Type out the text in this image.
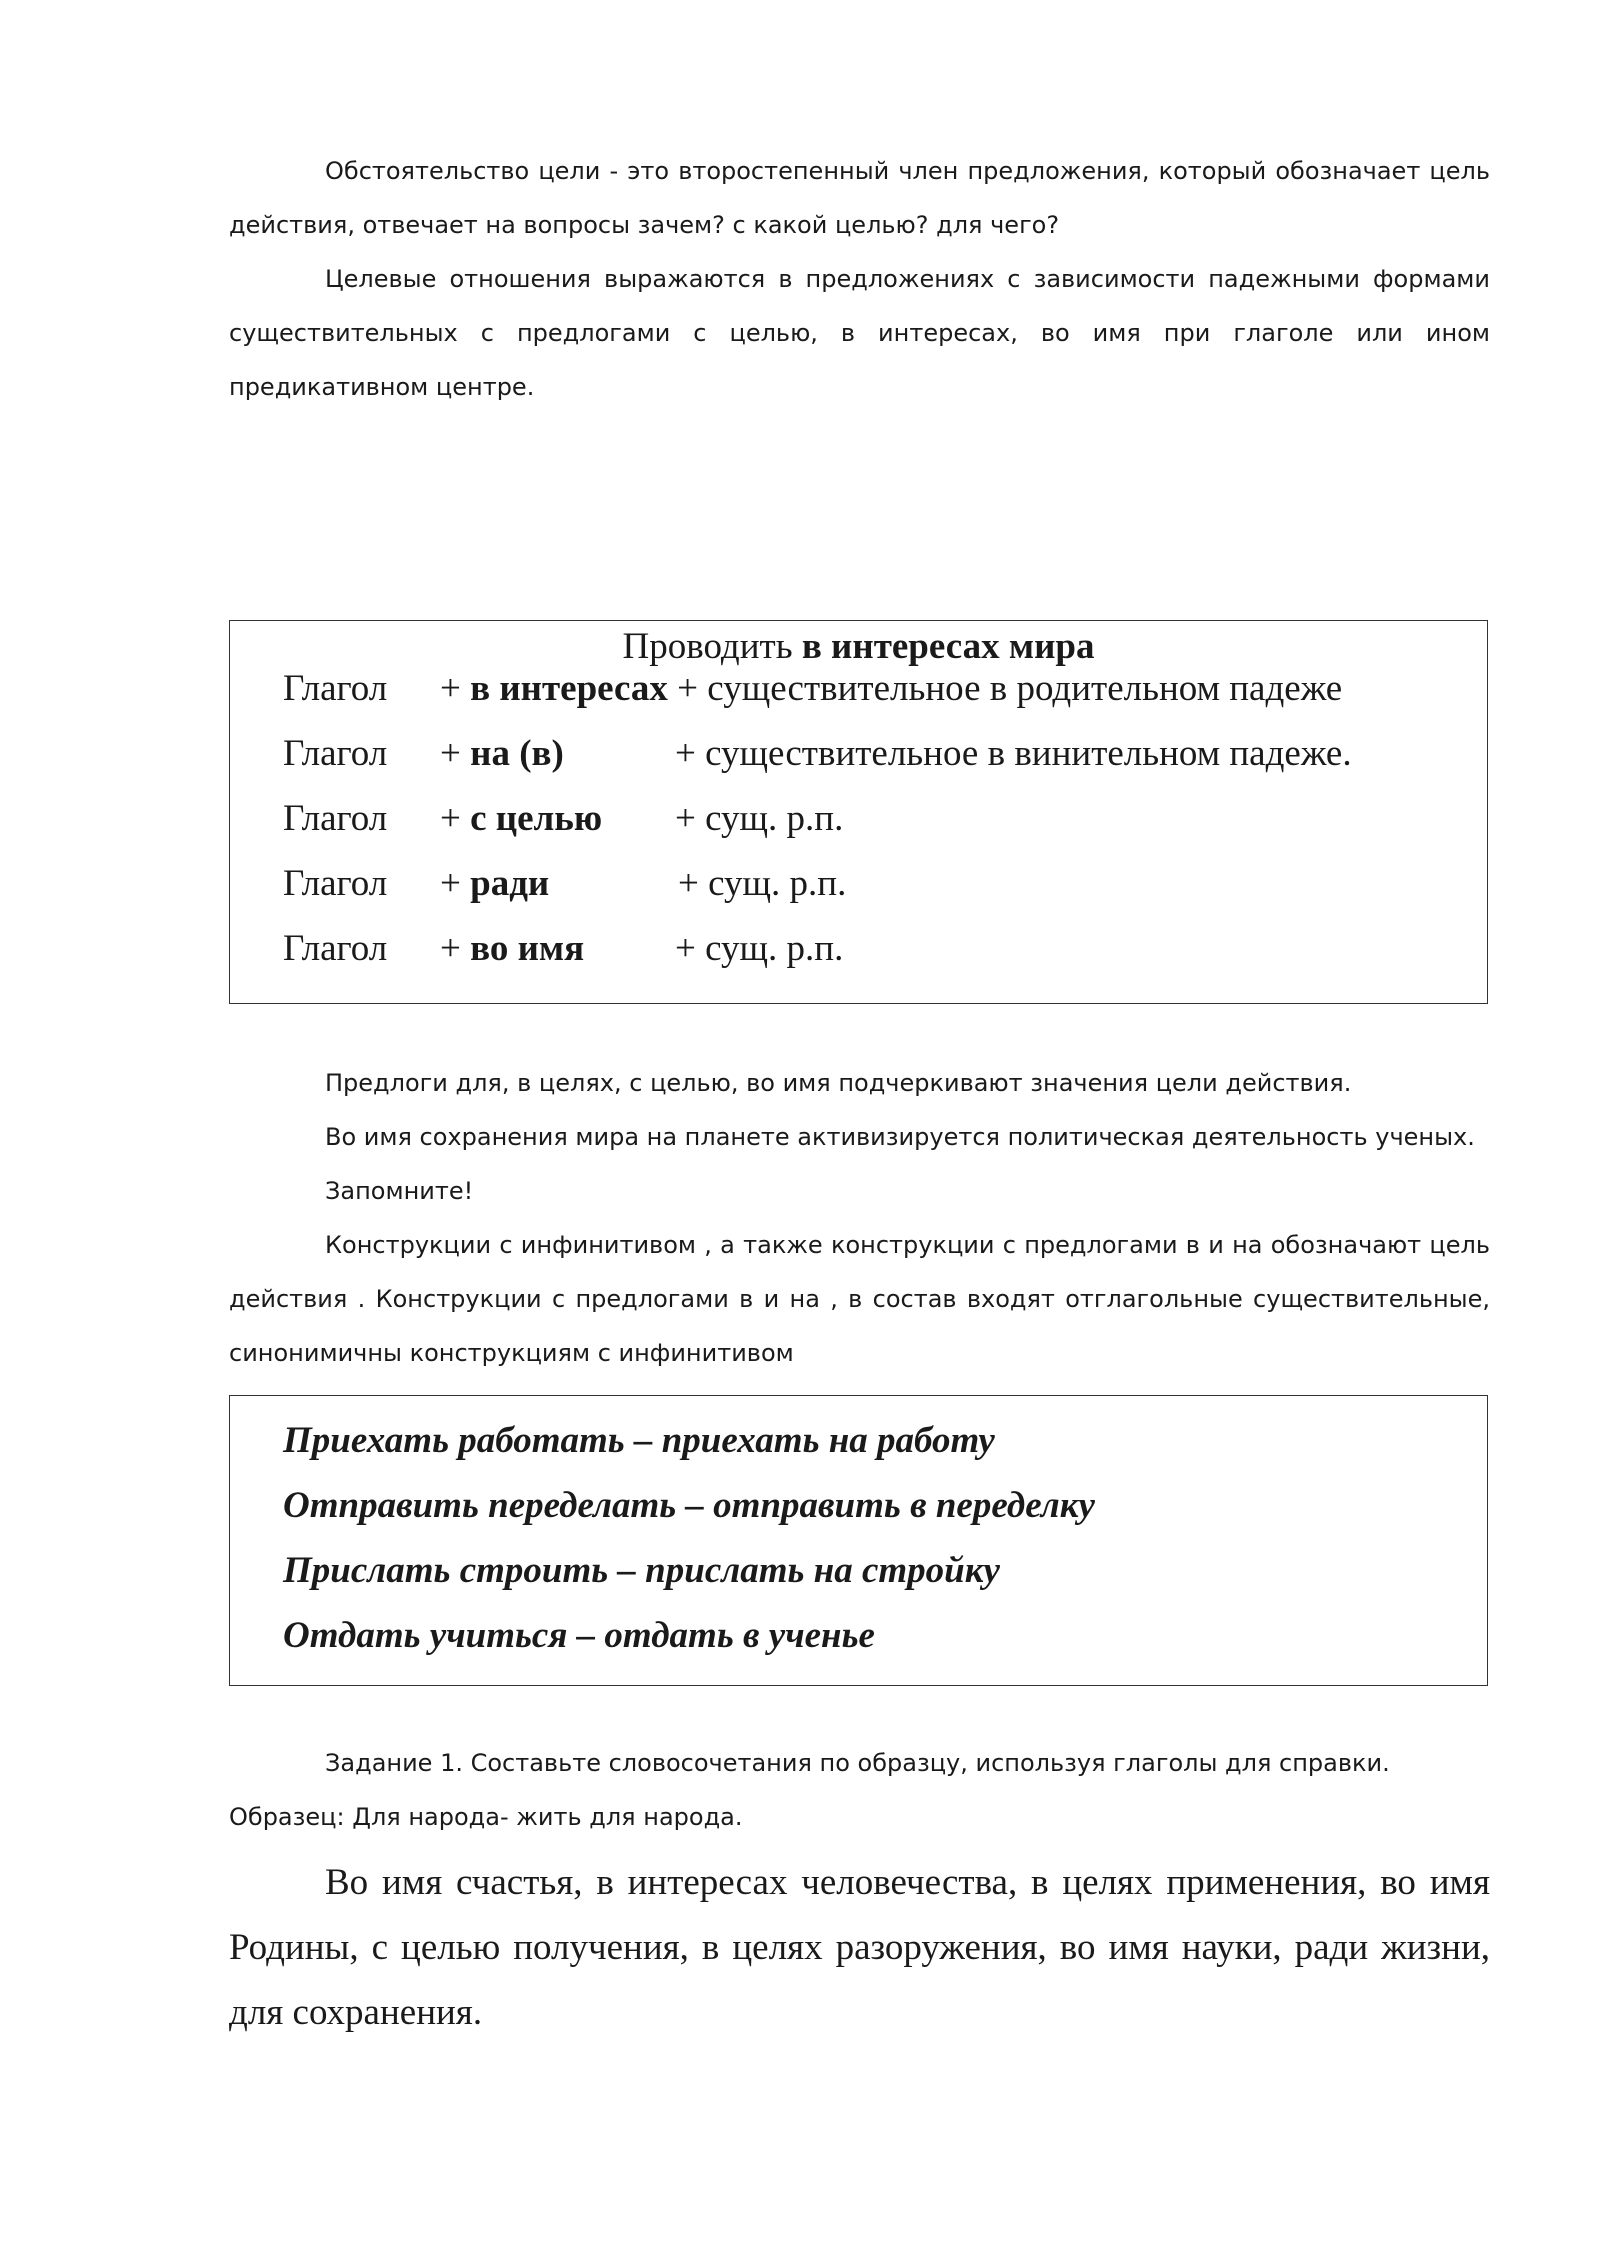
Обстоятельство цели - это второстепенный член предложения, который обозначает цель действия, отвечает на вопросы зачем? с какой целью? для чего?

Целевые отношения выражаются в предложениях с зависимости падежными формами существительных с предлогами с целью, в интересах, во имя при глаголе или ином предикативном центре.

Проводить в интересах мира
Глагол + в интересах + существительное в родительном падеже
Глагол + на (в)	+ существительное в винительном падеже.
Глагол + с целью + сущ. р.п.
Глагол + ради	+ сущ. р.п.
Глагол + во имя + сущ. р.п.

Предлоги для, в целях, с целью, во имя подчеркивают значения цели действия.

Во имя сохранения мира на планете активизируется политическая деятельность ученых.

Запомните!

Конструкции с инфинитивом , а также конструкции с предлогами в и на обозначают цель действия . Конструкции с предлогами в и на , в состав входят отглагольные существительные, синонимичны конструкциям с инфинитивом

Приехать работать – приехать на работу
Отправить переделать – отправить в переделку
Прислать строить – прислать на стройку
Отдать учиться – отдать в ученье

Задание 1. Составьте словосочетания по образцу, используя глаголы для справки.

Образец: Для народа- жить для народа.

Во имя счастья, в интересах человечества, в целях применения, во имя Родины, с целью получения, в целях разоружения, во имя науки, ради жизни, для сохранения.
